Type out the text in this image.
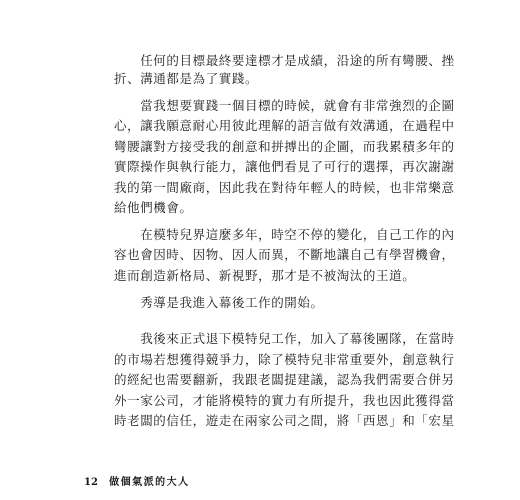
　　任何的目標最終要達標才是成績，沿途的所有彎腰、挫
折、溝通都是為了實踐。
　　當我想要實踐一個目標的時候，就會有非常強烈的企圖
心，讓我願意耐心用彼此理解的語言做有效溝通，在過程中
彎腰讓對方接受我的創意和拼搏出的企圖，而我累積多年的
實際操作與執行能力，讓他們看見了可行的選擇，再次謝謝
我的第一間廠商，因此我在對待年輕人的時候，也非常樂意
給他們機會。
　　在模特兒界這麼多年，時空不停的變化，自己工作的內
容也會因時、因物、因人而異，不斷地讓自己有學習機會，
進而創造新格局、新視野，那才是不被淘汰的王道。
　　秀導是我進入幕後工作的開始。
　　我後來正式退下模特兒工作，加入了幕後團隊，在當時
的市場若想獲得競爭力，除了模特兒非常重要外，創意執行
的經紀也需要翻新，我跟老闆提建議，認為我們需要合併另
外一家公司，才能將模特的實力有所提升，我也因此獲得當
時老闆的信任，遊走在兩家公司之間，將「西恩」和「宏星
12 做個氣派的大人
